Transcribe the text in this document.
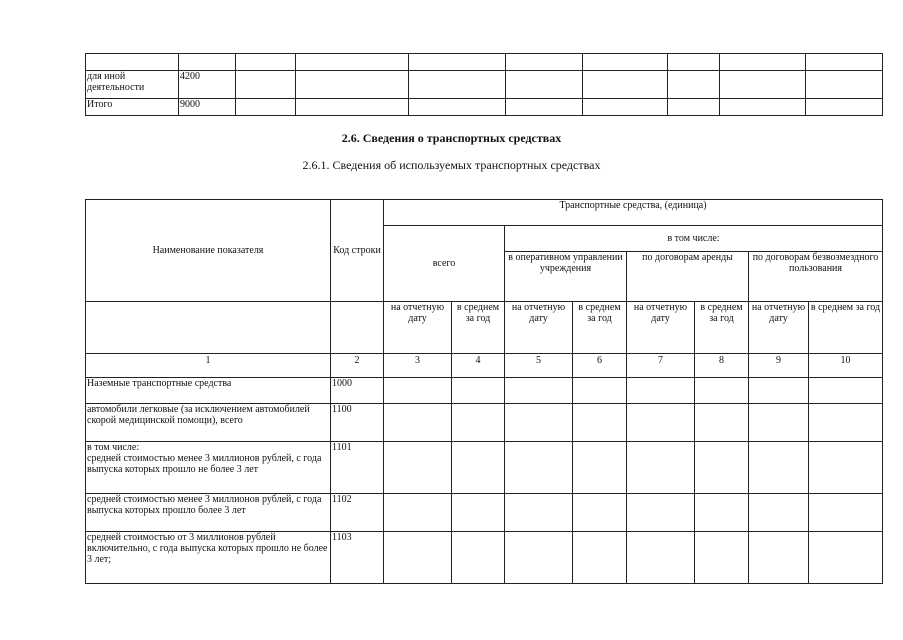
для иной деятельности	4200								
Итого	9000								
2.6. Сведения о транспортных средствах
2.6.1. Сведения об используемых транспортных средствах
Наименование показателя	Код строки	Транспортные средства, (единица)							
		всего		в том числе:					
				в оперативном управлении учреждения		по договорам аренды		по договорам безвозмездного пользования	
		на отчетную дату	в среднем за год	на отчетную дату	в среднем за год	на отчетную дату	в среднем за год	на отчетную дату	в среднем за год
1	2	3	4	5	6	7	8	9	10
Наземные транспортные средства	1000								
автомобили легковые (за исключением автомобилей скорой медицинской помощи), всего	1100								
в том числе:
средней стоимостью менее 3 миллионов рублей, с года выпуска которых прошло не более 3 лет	1101								
средней стоимостью менее 3 миллионов рублей, с года выпуска которых прошло более 3 лет	1102								
средней стоимостью от 3 миллионов рублей включительно, с года выпуска которых прошло не более 3 лет;	1103								
